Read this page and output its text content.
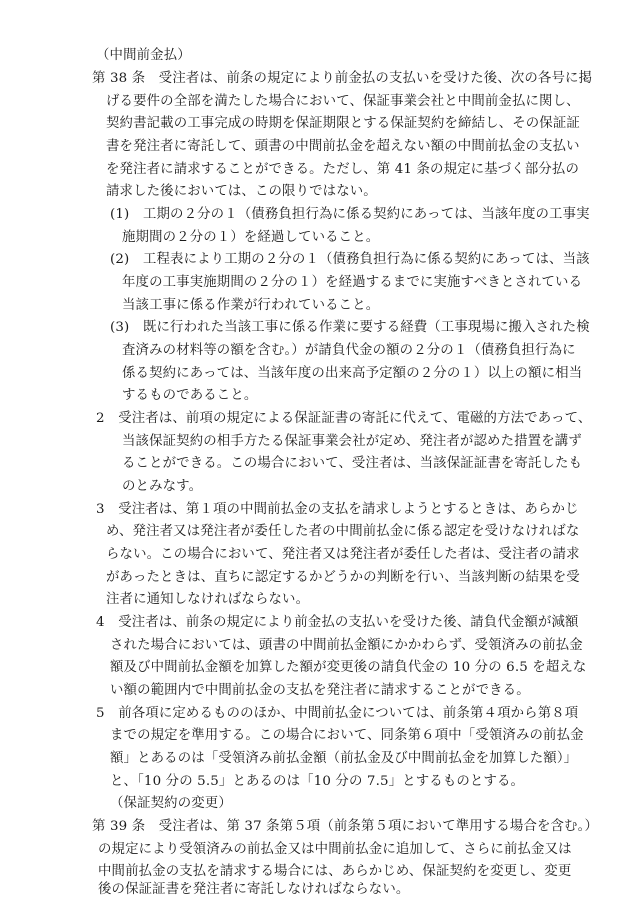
（中間前金払）
第 38 条　受注者は、前条の規定により前金払の支払いを受けた後、次の各号に掲
げる要件の全部を満たした場合において、保証事業会社と中間前金払に関し、
契約書記載の工事完成の時期を保証期限とする保証契約を締結し、その保証証
書を発注者に寄託して、頭書の中間前払金を超えない額の中間前払金の支払い
を発注者に請求することができる。ただし、第 41 条の規定に基づく部分払の
請求した後においては、この限りではない。
(1)　工期の２分の１（債務負担行為に係る契約にあっては、当該年度の工事実
施期間の２分の１）を経過していること。
(2)　工程表により工期の２分の１（債務負担行為に係る契約にあっては、当該
年度の工事実施期間の２分の１）を経過するまでに実施すべきとされている
当該工事に係る作業が行われていること。
(3)　既に行われた当該工事に係る作業に要する経費（工事現場に搬入された検
査済みの材料等の額を含む。）が請負代金の額の２分の１（債務負担行為に
係る契約にあっては、当該年度の出来高予定額の２分の１）以上の額に相当
するものであること。
2　受注者は、前項の規定による保証証書の寄託に代えて、電磁的方法であって、
当該保証契約の相手方たる保証事業会社が定め、発注者が認めた措置を講ず
ることができる。この場合において、受注者は、当該保証証書を寄託したも
のとみなす。
3　受注者は、第１項の中間前払金の支払を請求しようとするときは、あらかじ
め、発注者又は発注者が委任した者の中間前払金に係る認定を受けなければな
らない。この場合において、発注者又は発注者が委任した者は、受注者の請求
があったときは、直ちに認定するかどうかの判断を行い、当該判断の結果を受
注者に通知しなければならない。
4　受注者は、前条の規定により前金払の支払いを受けた後、請負代金額が減額
された場合においては、頭書の中間前払金額にかかわらず、受領済みの前払金
額及び中間前払金額を加算した額が変更後の請負代金の 10 分の 6.5 を超えな
い額の範囲内で中間前払金の支払を発注者に請求することができる。
5　前各項に定めるもののほか、中間前払金については、前条第４項から第８項
までの規定を準用する。この場合において、同条第６項中「受領済みの前払金
額」とあるのは「受領済み前払金額（前払金及び中間前払金を加算した額）」
と、「10 分の 5.5」とあるのは「10 分の 7.5」とするものとする。
（保証契約の変更）
第 39 条　受注者は、第 37 条第５項（前条第５項において準用する場合を含む。）
の規定により受領済みの前払金又は中間前払金に追加して、さらに前払金又は
中間前払金の支払を請求する場合には、あらかじめ、保証契約を変更し、変更
後の保証証書を発注者に寄託しなければならない。
